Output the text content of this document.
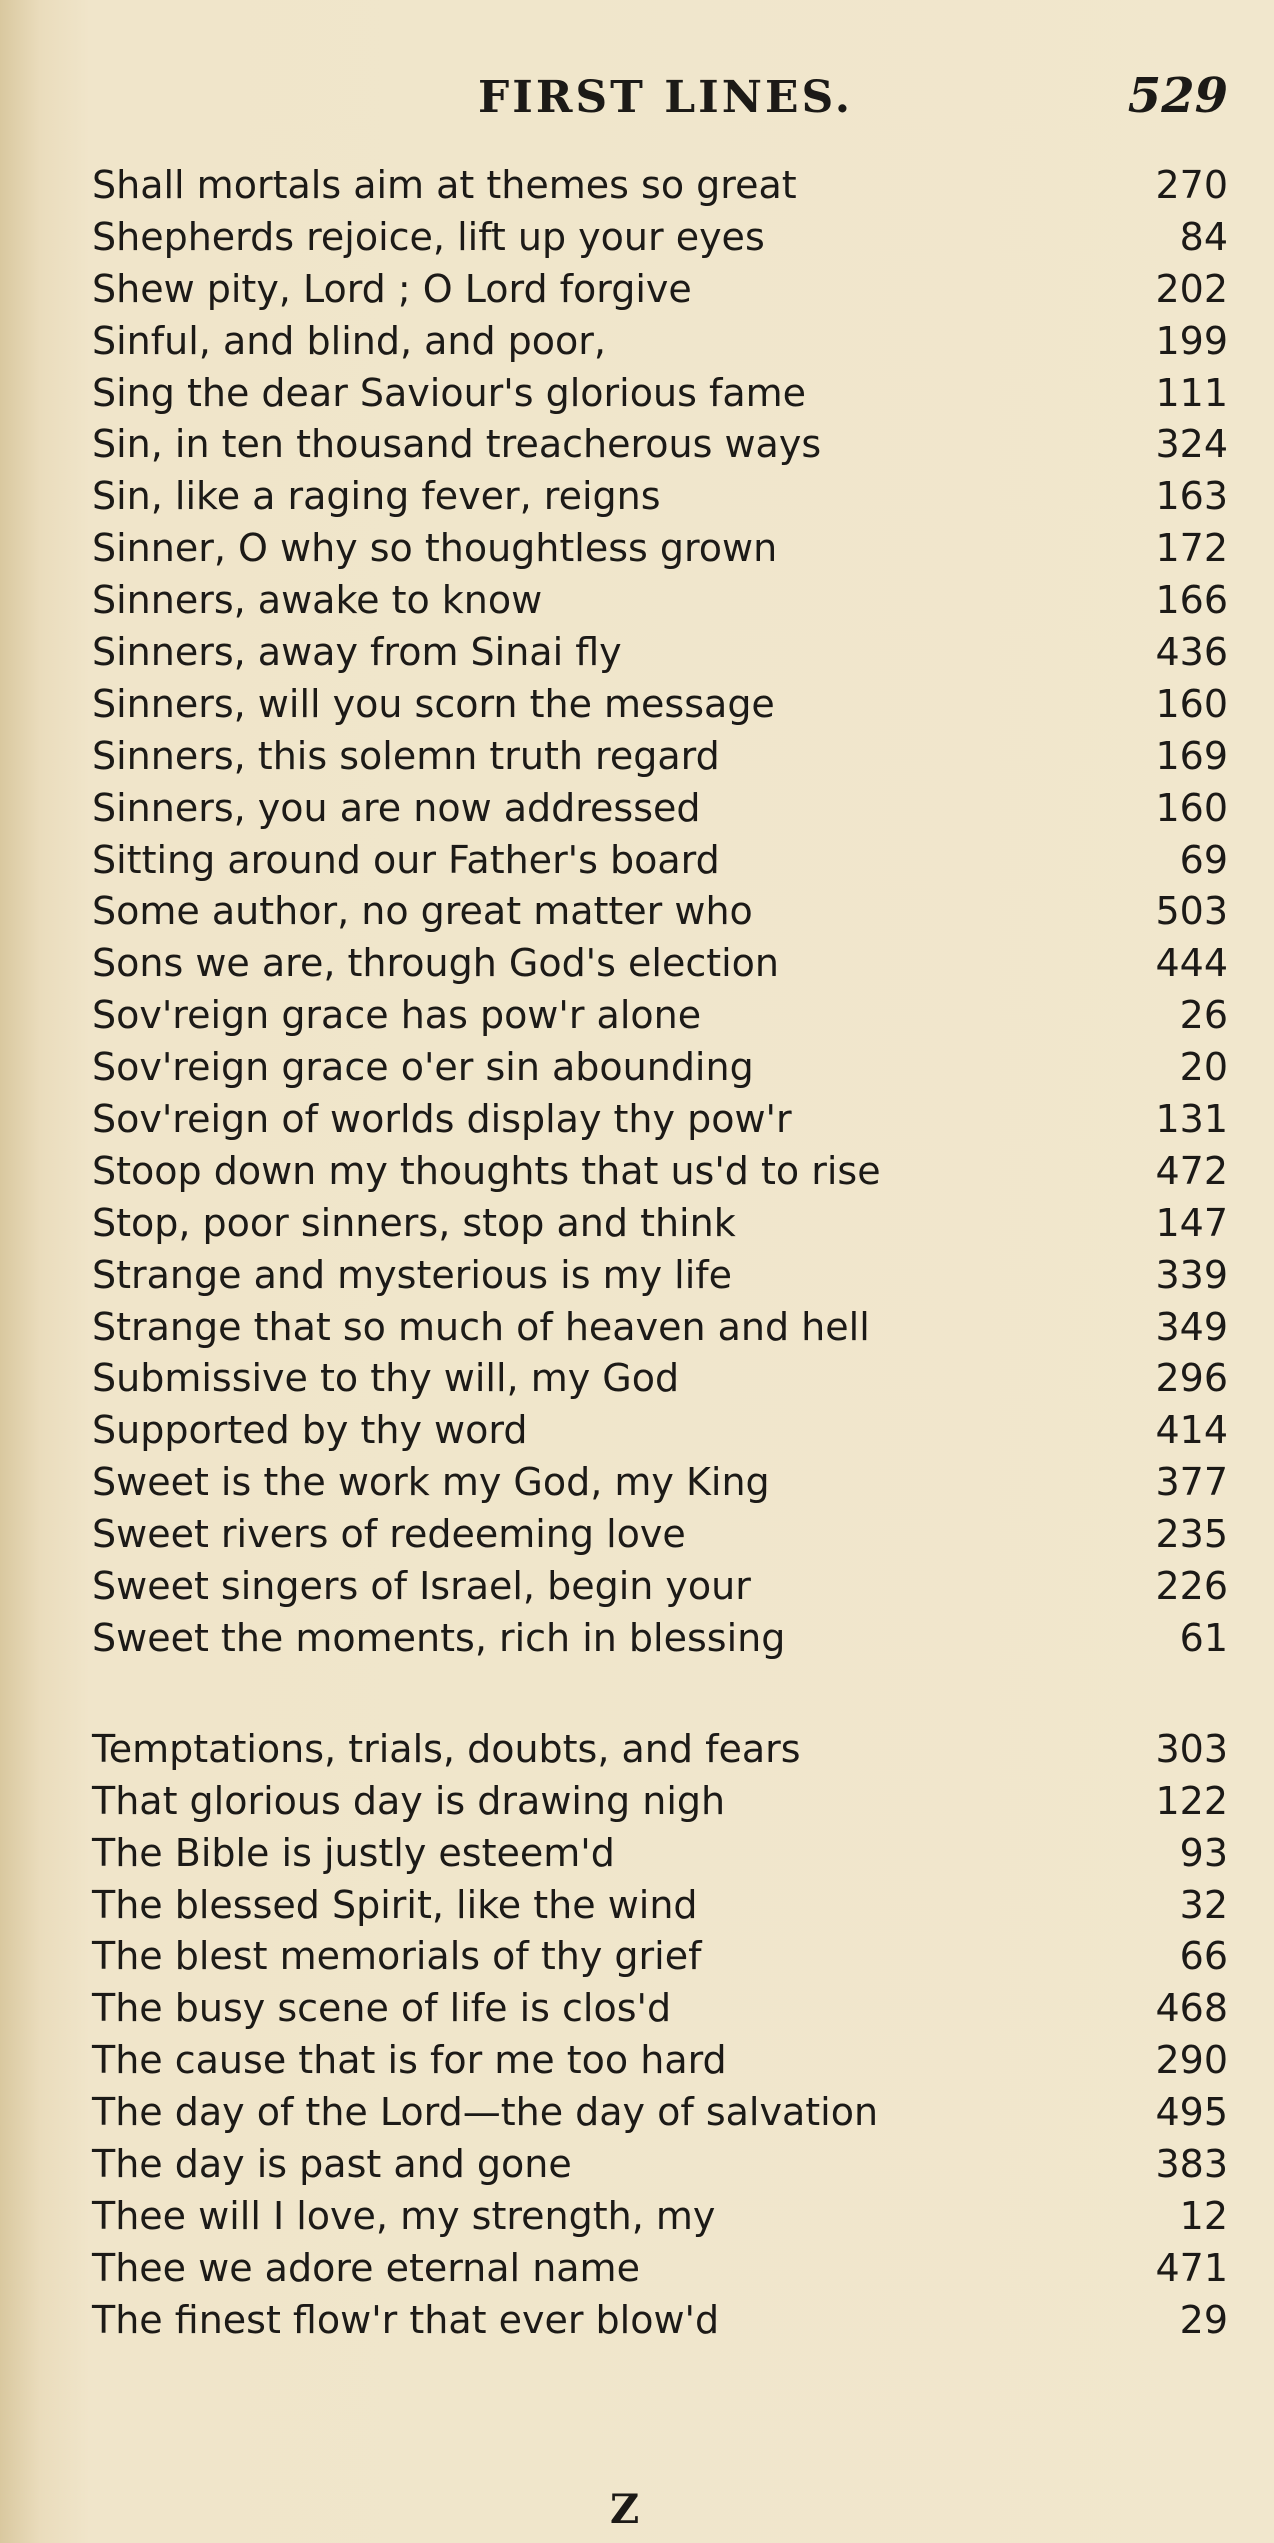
FIRST LINES.	529
Shall mortals aim at themes so great	270
Shepherds rejoice, lift up your eyes	84
Shew pity, Lord ; O Lord forgive	202
Sinful, and blind, and poor,	199
Sing the dear Saviour's glorious fame	111
Sin, in ten thousand treacherous ways	324
Sin, like a raging fever, reigns	163
Sinner, O why so thoughtless grown	172
Sinners, awake to know	166
Sinners, away from Sinai fly	436
Sinners, will you scorn the message	160
Sinners, this solemn truth regard	169
Sinners, you are now addressed	160
Sitting around our Father's board	69
Some author, no great matter who	503
Sons we are, through God's election	444
Sov'reign grace has pow'r alone	26
Sov'reign grace o'er sin abounding	20
Sov'reign of worlds display thy pow'r	131
Stoop down my thoughts that us'd to rise	472
Stop, poor sinners, stop and think	147
Strange and mysterious is my life	339
Strange that so much of heaven and hell	349
Submissive to thy will, my God	296
Supported by thy word	414
Sweet is the work my God, my King	377
Sweet rivers of redeeming love	235
Sweet singers of Israel, begin your	226
Sweet the moments, rich in blessing	61
Temptations, trials, doubts, and fears	303
That glorious day is drawing nigh	122
The Bible is justly esteem'd	93
The blessed Spirit, like the wind	32
The blest memorials of thy grief	66
The busy scene of life is clos'd	468
The cause that is for me too hard	290
The day of the Lord—the day of salvation	495
The day is past and gone	383
Thee will I love, my strength, my	12
Thee we adore eternal name	471
The finest flow'r that ever blow'd	29
Z
